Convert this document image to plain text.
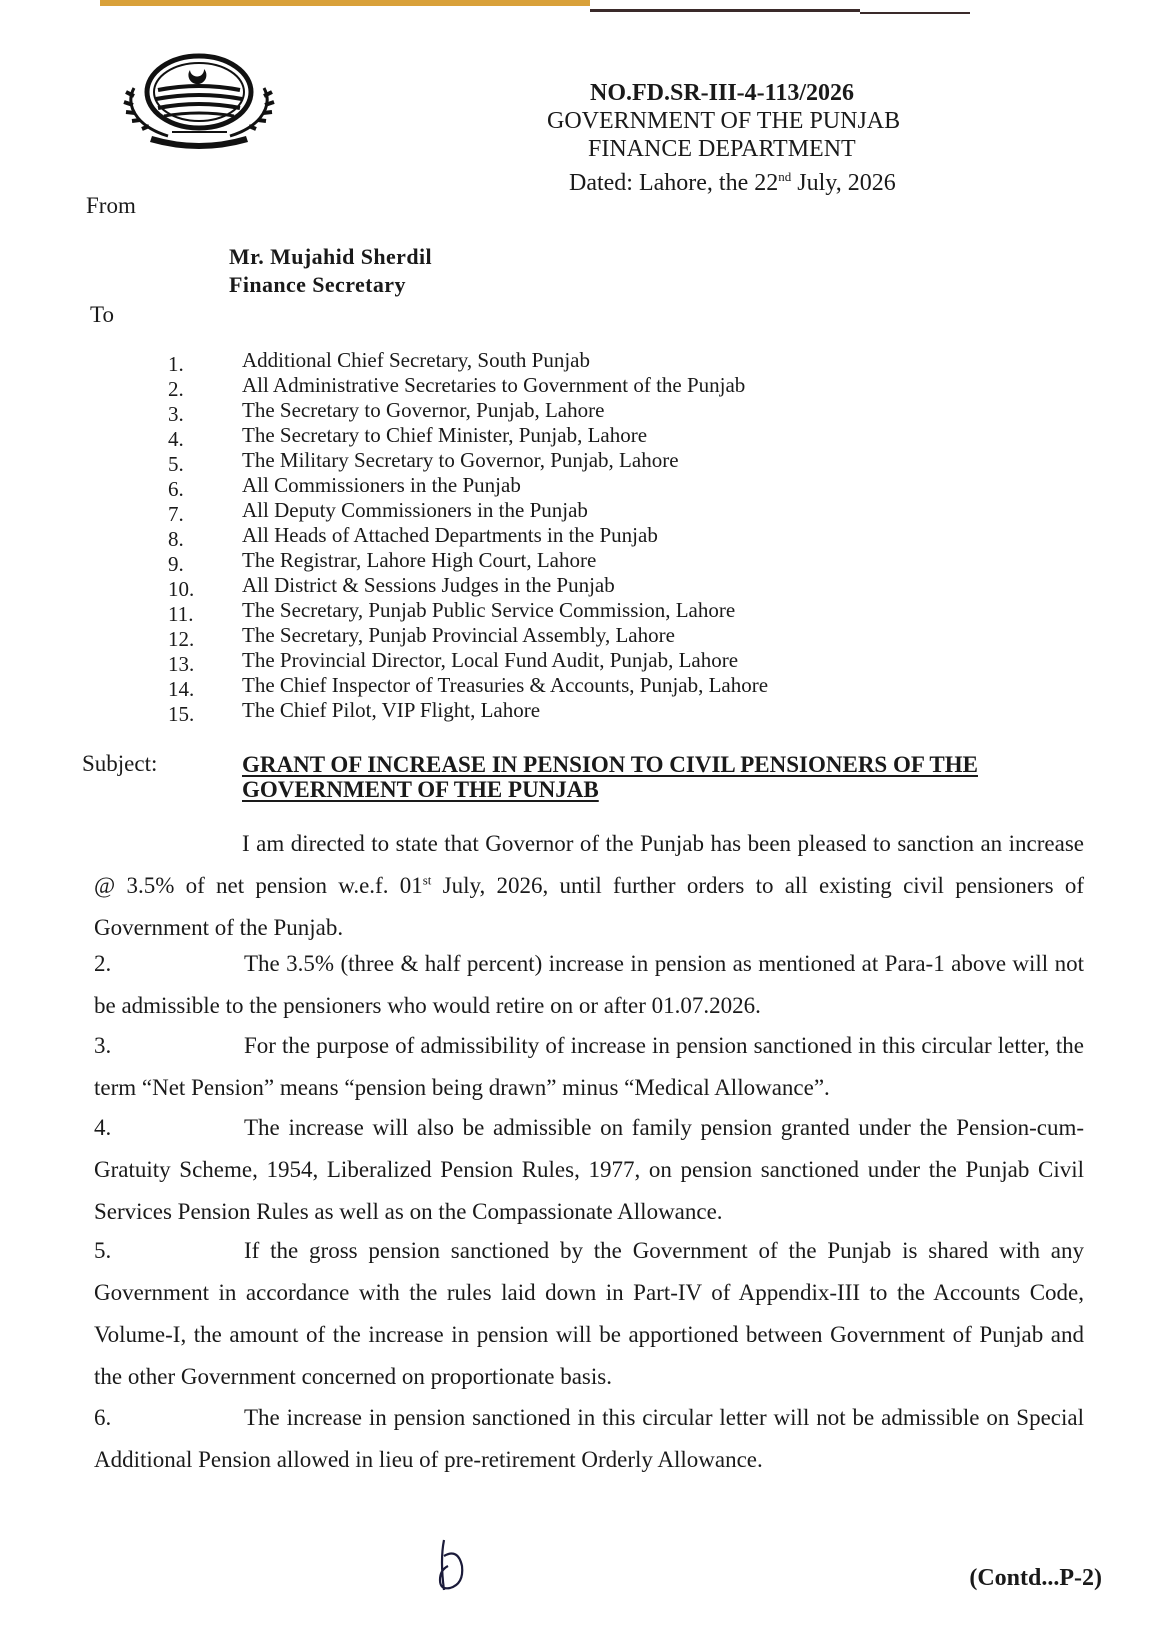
NO.FD.SR-III-4-113/2026
GOVERNMENT OF THE PUNJAB
FINANCE DEPARTMENT
Dated: Lahore, the 22nd July, 2026
From
Mr. Mujahid Sherdil
Finance Secretary
To
1.	Additional Chief Secretary, South Punjab
2.	All Administrative Secretaries to Government of the Punjab
3.	The Secretary to Governor, Punjab, Lahore
4.	The Secretary to Chief Minister, Punjab, Lahore
5.	The Military Secretary to Governor, Punjab, Lahore
6.	All Commissioners in the Punjab
7.	All Deputy Commissioners in the Punjab
8.	All Heads of Attached Departments in the Punjab
9.	The Registrar, Lahore High Court, Lahore
10.	All District & Sessions Judges in the Punjab
11.	The Secretary, Punjab Public Service Commission, Lahore
12.	The Secretary, Punjab Provincial Assembly, Lahore
13.	The Provincial Director, Local Fund Audit, Punjab, Lahore
14.	The Chief Inspector of Treasuries & Accounts, Punjab, Lahore
15.	The Chief Pilot, VIP Flight, Lahore
Subject:	GRANT OF INCREASE IN PENSION TO CIVIL PENSIONERS OF THE GOVERNMENT OF THE PUNJAB
I am directed to state that Governor of the Punjab has been pleased to sanction an increase @ 3.5% of net pension w.e.f. 01st July, 2026, until further orders to all existing civil pensioners of Government of the Punjab.
2.	The 3.5% (three & half percent) increase in pension as mentioned at Para-1 above will not be admissible to the pensioners who would retire on or after 01.07.2026.
3.	For the purpose of admissibility of increase in pension sanctioned in this circular letter, the term “Net Pension” means “pension being drawn” minus “Medical Allowance”.
4.	The increase will also be admissible on family pension granted under the Pension-cum-Gratuity Scheme, 1954, Liberalized Pension Rules, 1977, on pension sanctioned under the Punjab Civil Services Pension Rules as well as on the Compassionate Allowance.
5.	If the gross pension sanctioned by the Government of the Punjab is shared with any Government in accordance with the rules laid down in Part-IV of Appendix-III to the Accounts Code, Volume-I, the amount of the increase in pension will be apportioned between Government of Punjab and the other Government concerned on proportionate basis.
6.	The increase in pension sanctioned in this circular letter will not be admissible on Special Additional Pension allowed in lieu of pre-retirement Orderly Allowance.
(Contd...P-2)
